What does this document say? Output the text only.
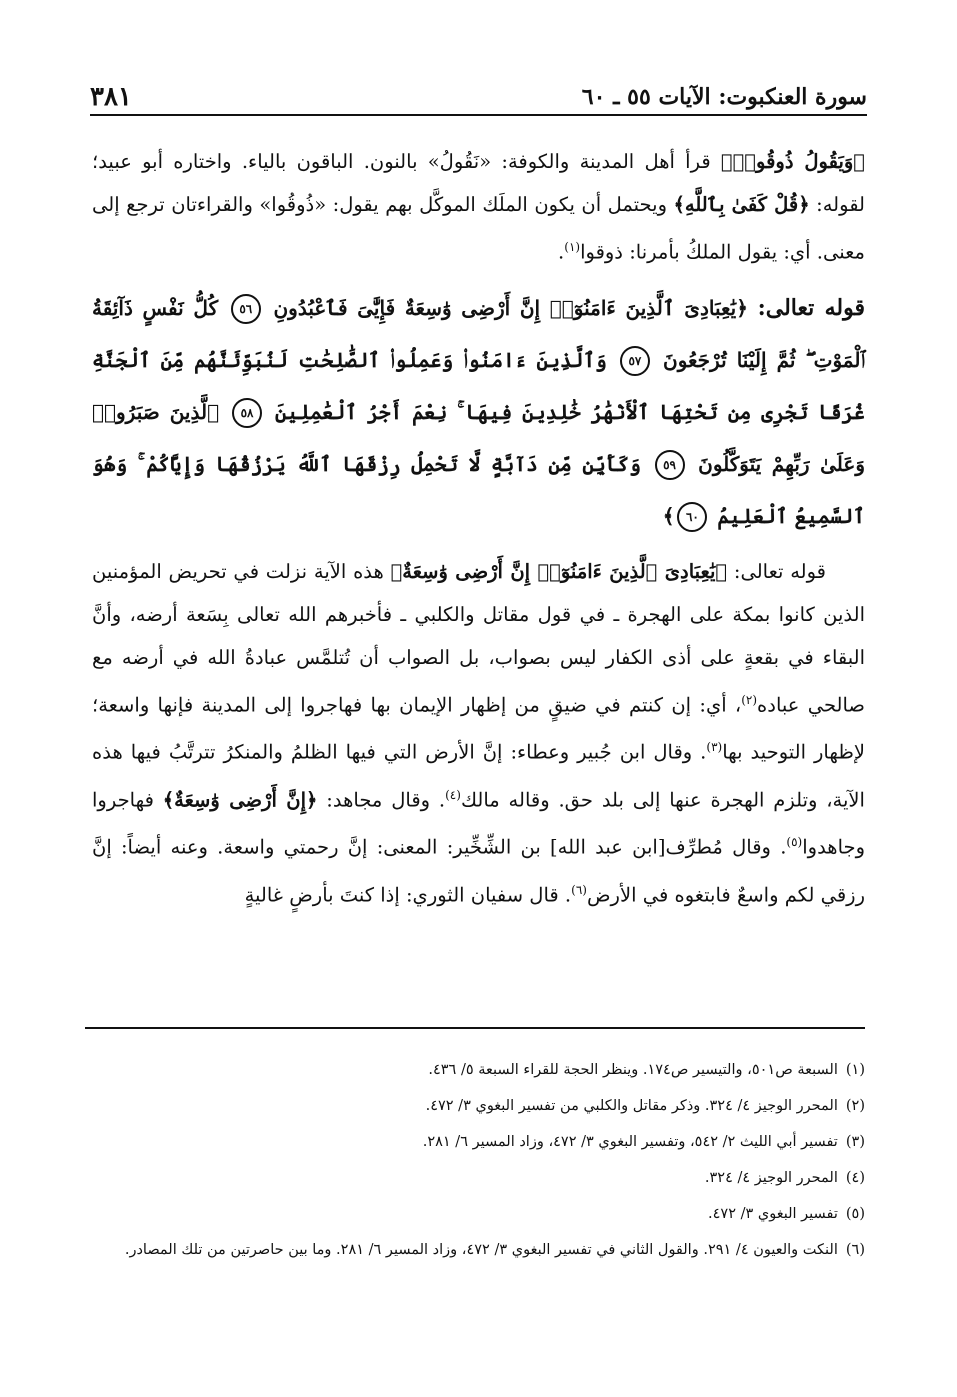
سورة العنكبوت: الآيات ٥٥ ـ ٦٠
٣٨١

﴿وَيَقُولُ ذُوقُوا۟﴾ قرأ أهل المدينة والكوفة: «نَقُولُ» بالنون. الباقون بالياء. واختاره أبو عبيد؛ لقوله: ﴿قُلْ كَفَىٰ بِٱللَّهِ﴾ ويحتمل أن يكون الملَك الموكَّل بهم يقول: «ذُوقُوا» والقراءتان ترجع إلى معنى. أي: يقول الملكُ بأمرنا: ذوقوا$^{(١)}$.

قوله تعالى: ﴿يَٰعِبَادِىَ ٱلَّذِينَ ءَامَنُوٓا۟ إِنَّ أَرْضِى وَٰسِعَةٌ فَإِيَّٰىَ فَٱعْبُدُونِ ٥٦ كُلُّ نَفْسٍ ذَآئِقَةُ ٱلْمَوْتِ ۖ ثُمَّ إِلَيْنَا تُرْجَعُونَ ٥٧ وَٱلَّذِينَ ءَامَنُوا۟ وَعَمِلُوا۟ ٱلصَّٰلِحَٰتِ لَنُبَوِّئَنَّهُم مِّنَ ٱلْجَنَّةِ غُرَفًا تَجْرِى مِن تَحْتِهَا ٱلْأَنْهَٰرُ خَٰلِدِينَ فِيهَا ۚ نِعْمَ أَجْرُ ٱلْعَٰمِلِينَ ٥٨ ٱلَّذِينَ صَبَرُوا۟ وَعَلَىٰ رَبِّهِمْ يَتَوَكَّلُونَ ٥٩ وَكَأَيِّن مِّن دَآبَّةٍ لَّا تَحْمِلُ رِزْقَهَا ٱللَّهُ يَرْزُقُهَا وَإِيَّاكُمْ ۚ وَهُوَ ٱلسَّمِيعُ ٱلْعَلِيمُ ٦٠﴾

قوله تعالى: ﴿يَٰعِبَادِىَ ٱلَّذِينَ ءَامَنُوٓا۟ إِنَّ أَرْضِى وَٰسِعَةٌ﴾ هذه الآية نزلت في تحريض المؤمنين الذين كانوا بمكة على الهجرة ـ في قول مقاتل والكلبي ـ فأخبرهم الله تعالى بِسَعة أرضه، وأنَّ البقاء في بقعةٍ على أذى الكفار ليس بصواب، بل الصواب أن تُتلمَّس عبادةُ الله في أرضه مع صالحي عباده$^{(٢)}$، أي: إن كنتم في ضيقٍ من إظهار الإيمان بها فهاجروا إلى المدينة فإنها واسعة؛ لإظهار التوحيد بها$^{(٣)}$. وقال ابن جُبير وعطاء: إنَّ الأرض التي فيها الظلمُ والمنكرُ تترتَّبُ فيها هذه الآية، وتلزم الهجرة عنها إلى بلد حق. وقاله مالك$^{(٤)}$. وقال مجاهد: ﴿إِنَّ أَرْضِى وَٰسِعَةٌ﴾ فهاجروا وجاهدوا$^{(٥)}$. وقال مُطرِّف[ابن عبد الله] بن الشِّخِّير: المعنى: إنَّ رحمتي واسعة. وعنه أيضاً: إنَّ رزقي لكم واسعٌ فابتغوه في الأرض$^{(٦)}$. قال سفيان الثوري: إذا كنتَ بأرضٍ غاليةٍ

(١)
السبعة ص٥٠١، والتيسير ص١٧٤. وينظر الحجة للقراء السبعة ٥/ ٤٣٦.
(٢)
المحرر الوجيز ٤/ ٣٢٤. وذكر مقاتل والكلبي من تفسير البغوي ٣/ ٤٧٢.
(٣)
تفسير أبي الليث ٢/ ٥٤٢، وتفسير البغوي ٣/ ٤٧٢، وزاد المسير ٦/ ٢٨١.
(٤)
المحرر الوجيز ٤/ ٣٢٤.
(٥)
تفسير البغوي ٣/ ٤٧٢.
(٦)
النكت والعيون ٤/ ٢٩١. والقول الثاني في تفسير البغوي ٣/ ٤٧٢، وزاد المسير ٦/ ٢٨١. وما بين حاصرتين من تلك المصادر.
